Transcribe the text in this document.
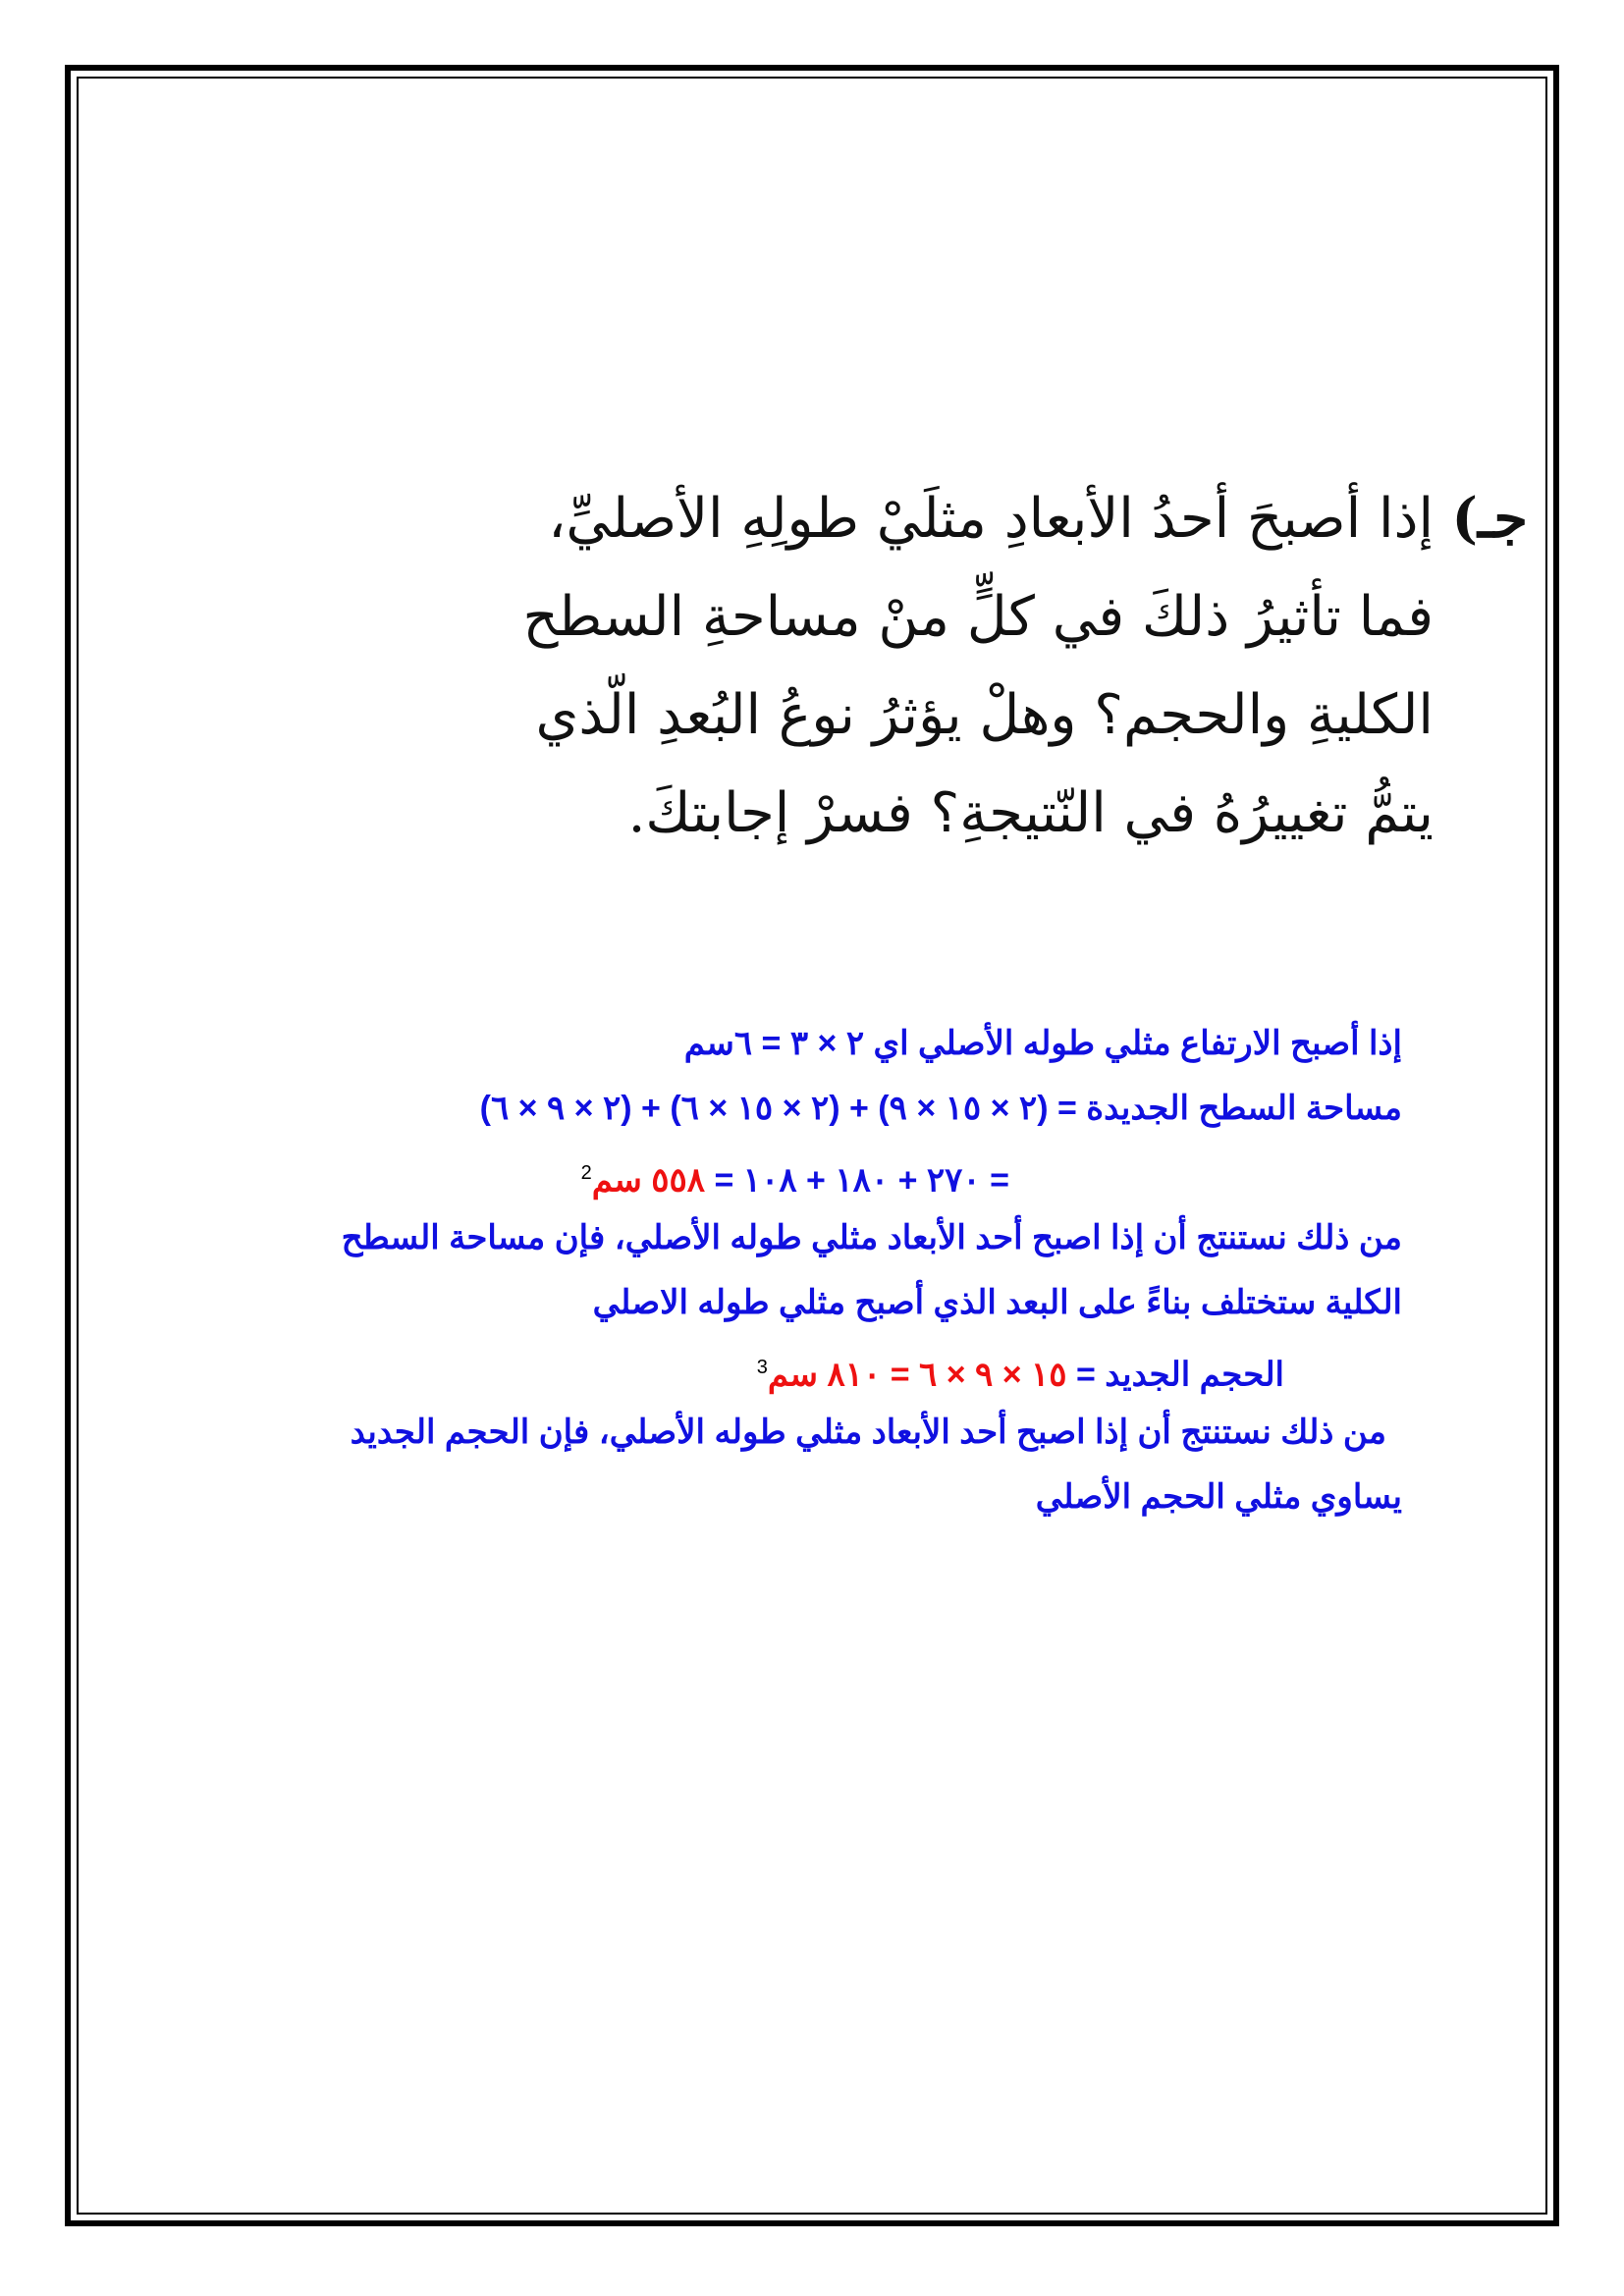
جـ)إذا أصبحَ أحدُ الأبعادِ مثلَيْ طولِهِ الأصليِّ،
فما تأثيرُ ذلكَ في كلٍّ منْ مساحةِ السطح
الكليةِ والحجم؟ وهلْ يؤثرُ نوعُ البُعدِ الّذي
يتمُّ تغييرُهُ في النّتيجةِ؟ فسرْ إجابتكَ.
إذا أصبح الارتفاع مثلي طوله الأصلي اي ٢ × ٣ = ٦سم
مساحة السطح الجديدة = (٢ × ١٥ × ٩) + (٢ × ١٥ × ٦) + (٢ × ٩ × ٦)
= ٢٧٠ + ١٨٠ + ١٠٨ = ٥٥٨ سم$^2$
من ذلك نستنتج أن إذا اصبح أحد الأبعاد مثلي طوله الأصلي، فإن مساحة السطح
الكلية ستختلف بناءً على البعد الذي أصبح مثلي طوله الاصلي
الحجم الجديد = ١٥ × ٩ × ٦ = ٨١٠ سم$^3$
من ذلك نستنتج أن إذا اصبح أحد الأبعاد مثلي طوله الأصلي، فإن الحجم الجديد
يساوي مثلي الحجم الأصلي
